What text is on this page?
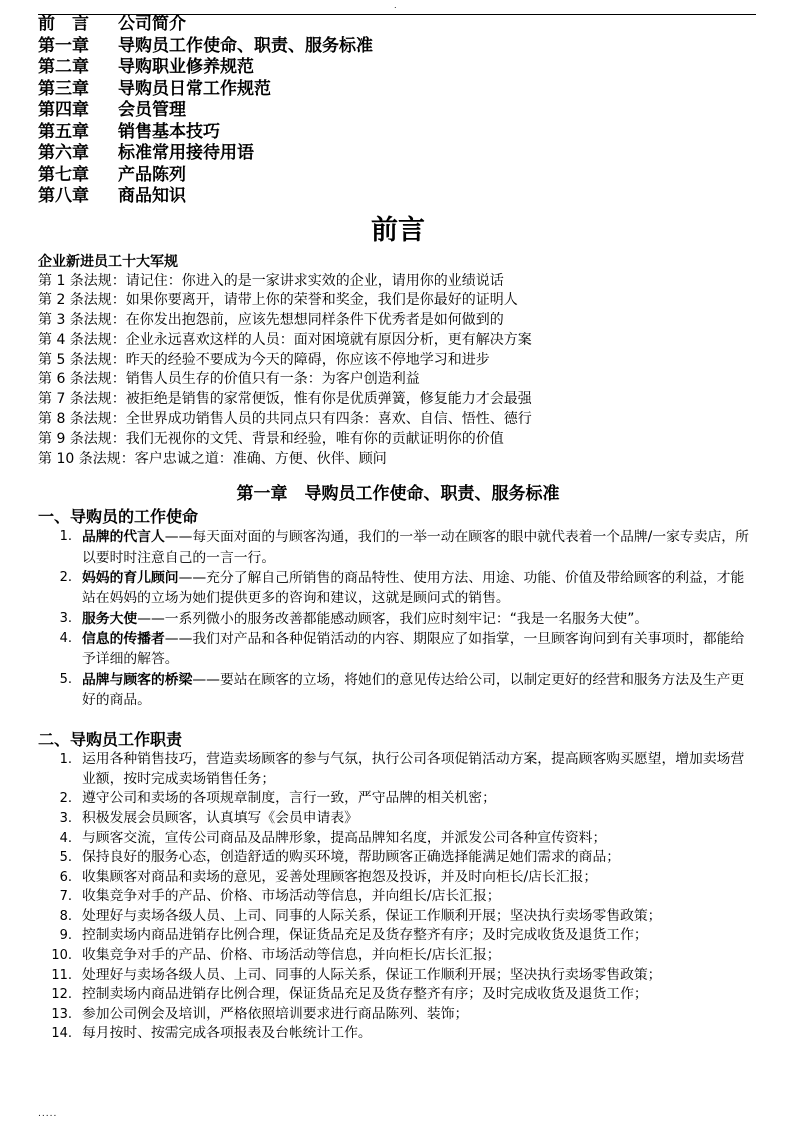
.
前　言 公司简介
第一章 导购员工作使命、职责、服务标准
第二章 导购职业修养规范
第三章 导购员日常工作规范
第四章 会员管理
第五章 销售基本技巧
第六章 标准常用接待用语
第七章 产品陈列
第八章 商品知识
前言
企业新进员工十大军规
第 1 条法规：请记住：你进入的是一家讲求实效的企业，请用你的业绩说话
第 2 条法规：如果你要离开，请带上你的荣誉和奖金，我们是你最好的证明人
第 3 条法规：在你发出抱怨前，应该先想想同样条件下优秀者是如何做到的
第 4 条法规：企业永远喜欢这样的人员：面对困境就有原因分析，更有解决方案
第 5 条法规：昨天的经验不要成为今天的障碍，你应该不停地学习和进步
第 6 条法规：销售人员生存的价值只有一条：为客户创造利益
第 7 条法规：被拒绝是销售的家常便饭，惟有你是优质弹簧，修复能力才会最强
第 8 条法规：全世界成功销售人员的共同点只有四条：喜欢、自信、悟性、德行
第 9 条法规：我们无视你的文凭、背景和经验，唯有你的贡献证明你的价值
第 10 条法规：客户忠诚之道：准确、方便、伙伴、顾问
第一章　导购员工作使命、职责、服务标准
一、导购员的工作使命
1. 品牌的代言人——每天面对面的与顾客沟通，我们的一举一动在顾客的眼中就代表着一个品牌/一家专卖店，所以要时时注意自己的一言一行。
2. 妈妈的育儿顾问——充分了解自己所销售的商品特性、使用方法、用途、功能、价值及带给顾客的利益，才能站在妈妈的立场为她们提供更多的咨询和建议，这就是顾问式的销售。
3. 服务大使——一系列微小的服务改善都能感动顾客，我们应时刻牢记：“我是一名服务大使”。
4. 信息的传播者——我们对产品和各种促销活动的内容、期限应了如指掌，一旦顾客询问到有关事项时，都能给予详细的解答。
5. 品牌与顾客的桥梁——要站在顾客的立场，将她们的意见传达给公司，以制定更好的经营和服务方法及生产更好的商品。
二、导购员工作职责
1. 运用各种销售技巧，营造卖场顾客的参与气氛，执行公司各项促销活动方案，提高顾客购买愿望，增加卖场营业额，按时完成卖场销售任务；
2. 遵守公司和卖场的各项规章制度，言行一致，严守品牌的相关机密；
3. 积极发展会员顾客，认真填写《会员申请表》
4. 与顾客交流，宣传公司商品及品牌形象，提高品牌知名度，并派发公司各种宣传资料；
5. 保持良好的服务心态，创造舒适的购买环境，帮助顾客正确选择能满足她们需求的商品；
6. 收集顾客对商品和卖场的意见，妥善处理顾客抱怨及投诉，并及时向柜长/店长汇报；
7. 收集竞争对手的产品、价格、市场活动等信息，并向组长/店长汇报；
8. 处理好与卖场各级人员、上司、同事的人际关系，保证工作顺利开展；坚决执行卖场零售政策；
9. 控制卖场内商品进销存比例合理，保证货品充足及货存整齐有序；及时完成收货及退货工作；
10. 收集竞争对手的产品、价格、市场活动等信息，并向柜长/店长汇报；
11. 处理好与卖场各级人员、上司、同事的人际关系，保证工作顺利开展；坚决执行卖场零售政策；
12. 控制卖场内商品进销存比例合理，保证货品充足及货存整齐有序；及时完成收货及退货工作；
13. 参加公司例会及培训，严格依照培训要求进行商品陈列、装饰；
14. 每月按时、按需完成各项报表及台帐统计工作。
.....
